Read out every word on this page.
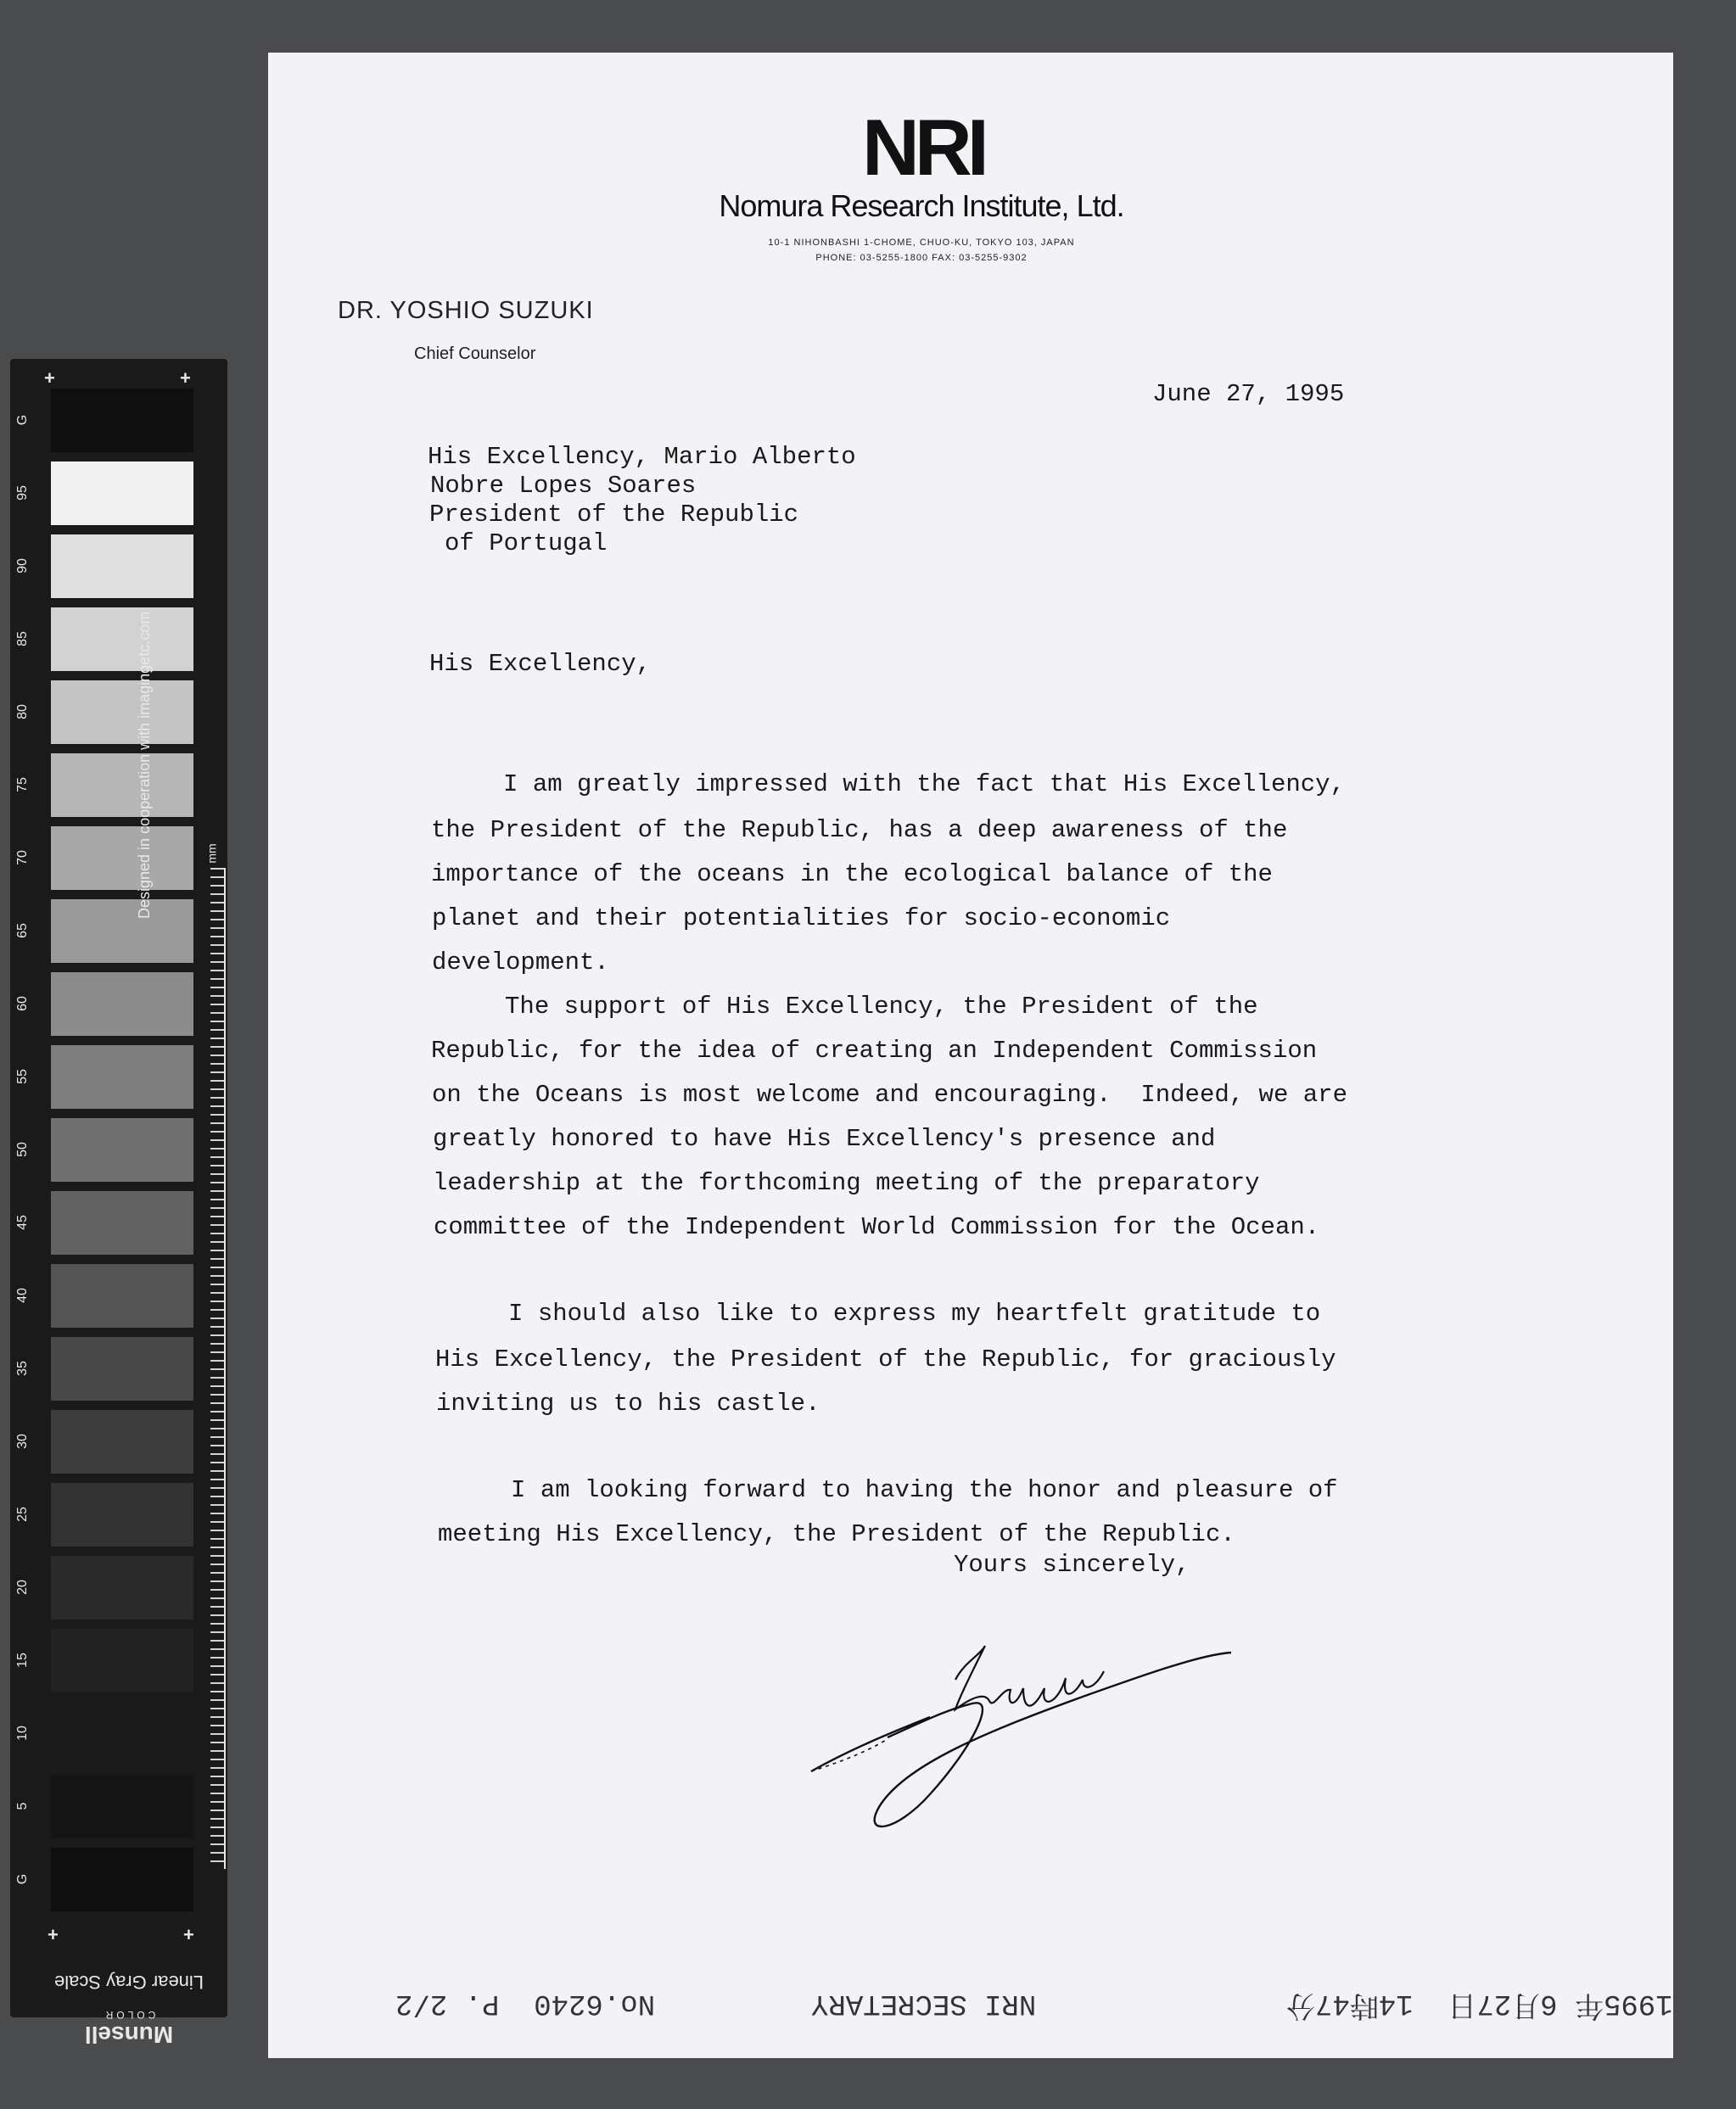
+	+
Designed in cooperation with imagingetc.com	mm
+	+
Linear Gray Scale
Munsell
COLOR
G
95
90
85
80
75
70
65
60
55
50
45
40
35
30
25
20
15
10
5
G
NRI
Nomura Research Institute, Ltd.
10-1 NIHONBASHI 1-CHOME, CHUO-KU, TOKYO 103, JAPAN
PHONE: 03-5255-1800 FAX: 03-5255-9302
DR. YOSHIO SUZUKI
Chief Counselor
June 27, 1995
His Excellency, Mario Alberto
Nobre Lopes Soares
President of the Republic
of Portugal
His Excellency,
I am greatly impressed with the fact that His Excellency,
the President of the Republic, has a deep awareness of the
importance of the oceans in the ecological balance of the
planet and their potentialities for socio-economic
development.
The support of His Excellency, the President of the
Republic, for the idea of creating an Independent Commission
on the Oceans is most welcome and encouraging.  Indeed, we are
greatly honored to have His Excellency's presence and
leadership at the forthcoming meeting of the preparatory
committee of the Independent World Commission for the Ocean.
I should also like to express my heartfelt gratitude to
His Excellency, the President of the Republic, for graciously
inviting us to his castle.
I am looking forward to having the honor and pleasure of
meeting His Excellency, the President of the Republic.
Yours sincerely,
NRI SECRETARY	1995年 6月27日  14時47分
No.6240  P. 2/2
